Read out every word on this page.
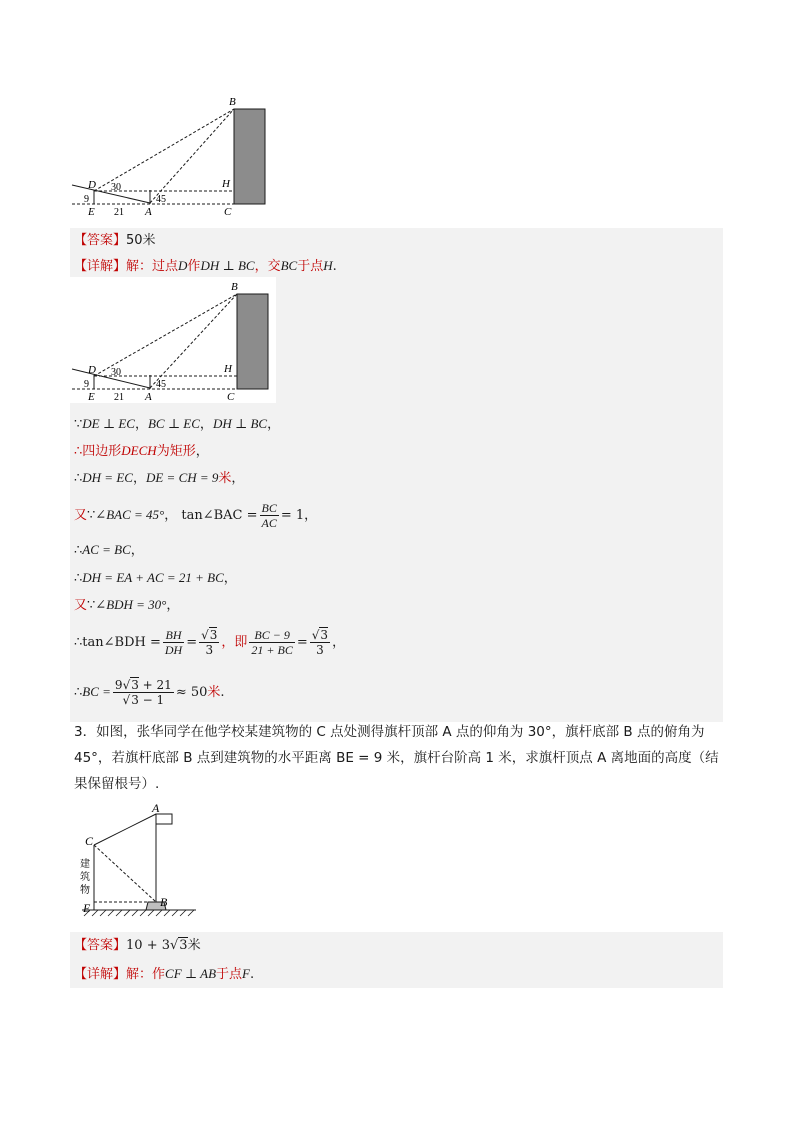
B
D
E	A	C
H
30
45
9
21
【答案】50米
【详解】解：过点D作DH ⊥ BC，交BC于点H.
B
D
E	A	C
H
30
45
9
21
∵DE ⊥ EC，BC ⊥ EC，DH ⊥ BC，
∴四边形DECH为矩形，
∴DH = EC，DE = CH = 9米，
又∵∠BAC = 45°， tan∠BAC = $\frac{BC}{AC} = 1$，
∴AC = BC，
∴DH = EA + AC = 21 + BC，
又∵∠BDH = 30°，
∴tan∠BDH = $\frac{BH}{DH} = \frac{√3}{3}$ ，即 $\frac{BC - 9}{21 + BC} = \frac{√3}{3}$ ，
∴BC = $\frac{9√3 + 21}{√3 - 1} \approx 50$米.
3．如图，张华同学在他学校某建筑物的 C 点处测得旗杆顶部 A 点的仰角为 30°，旗杆底部 B 点的俯角为
45°，若旗杆底部 B 点到建筑物的水平距离 BE = 9 米，旗杆台阶高 1 米，求旗杆顶点 A 离地面的高度（结
果保留根号）.
A
C
E	B
建
筑
物
【答案】10 + 3√3米
【详解】解：作CF ⊥ AB于点F.
